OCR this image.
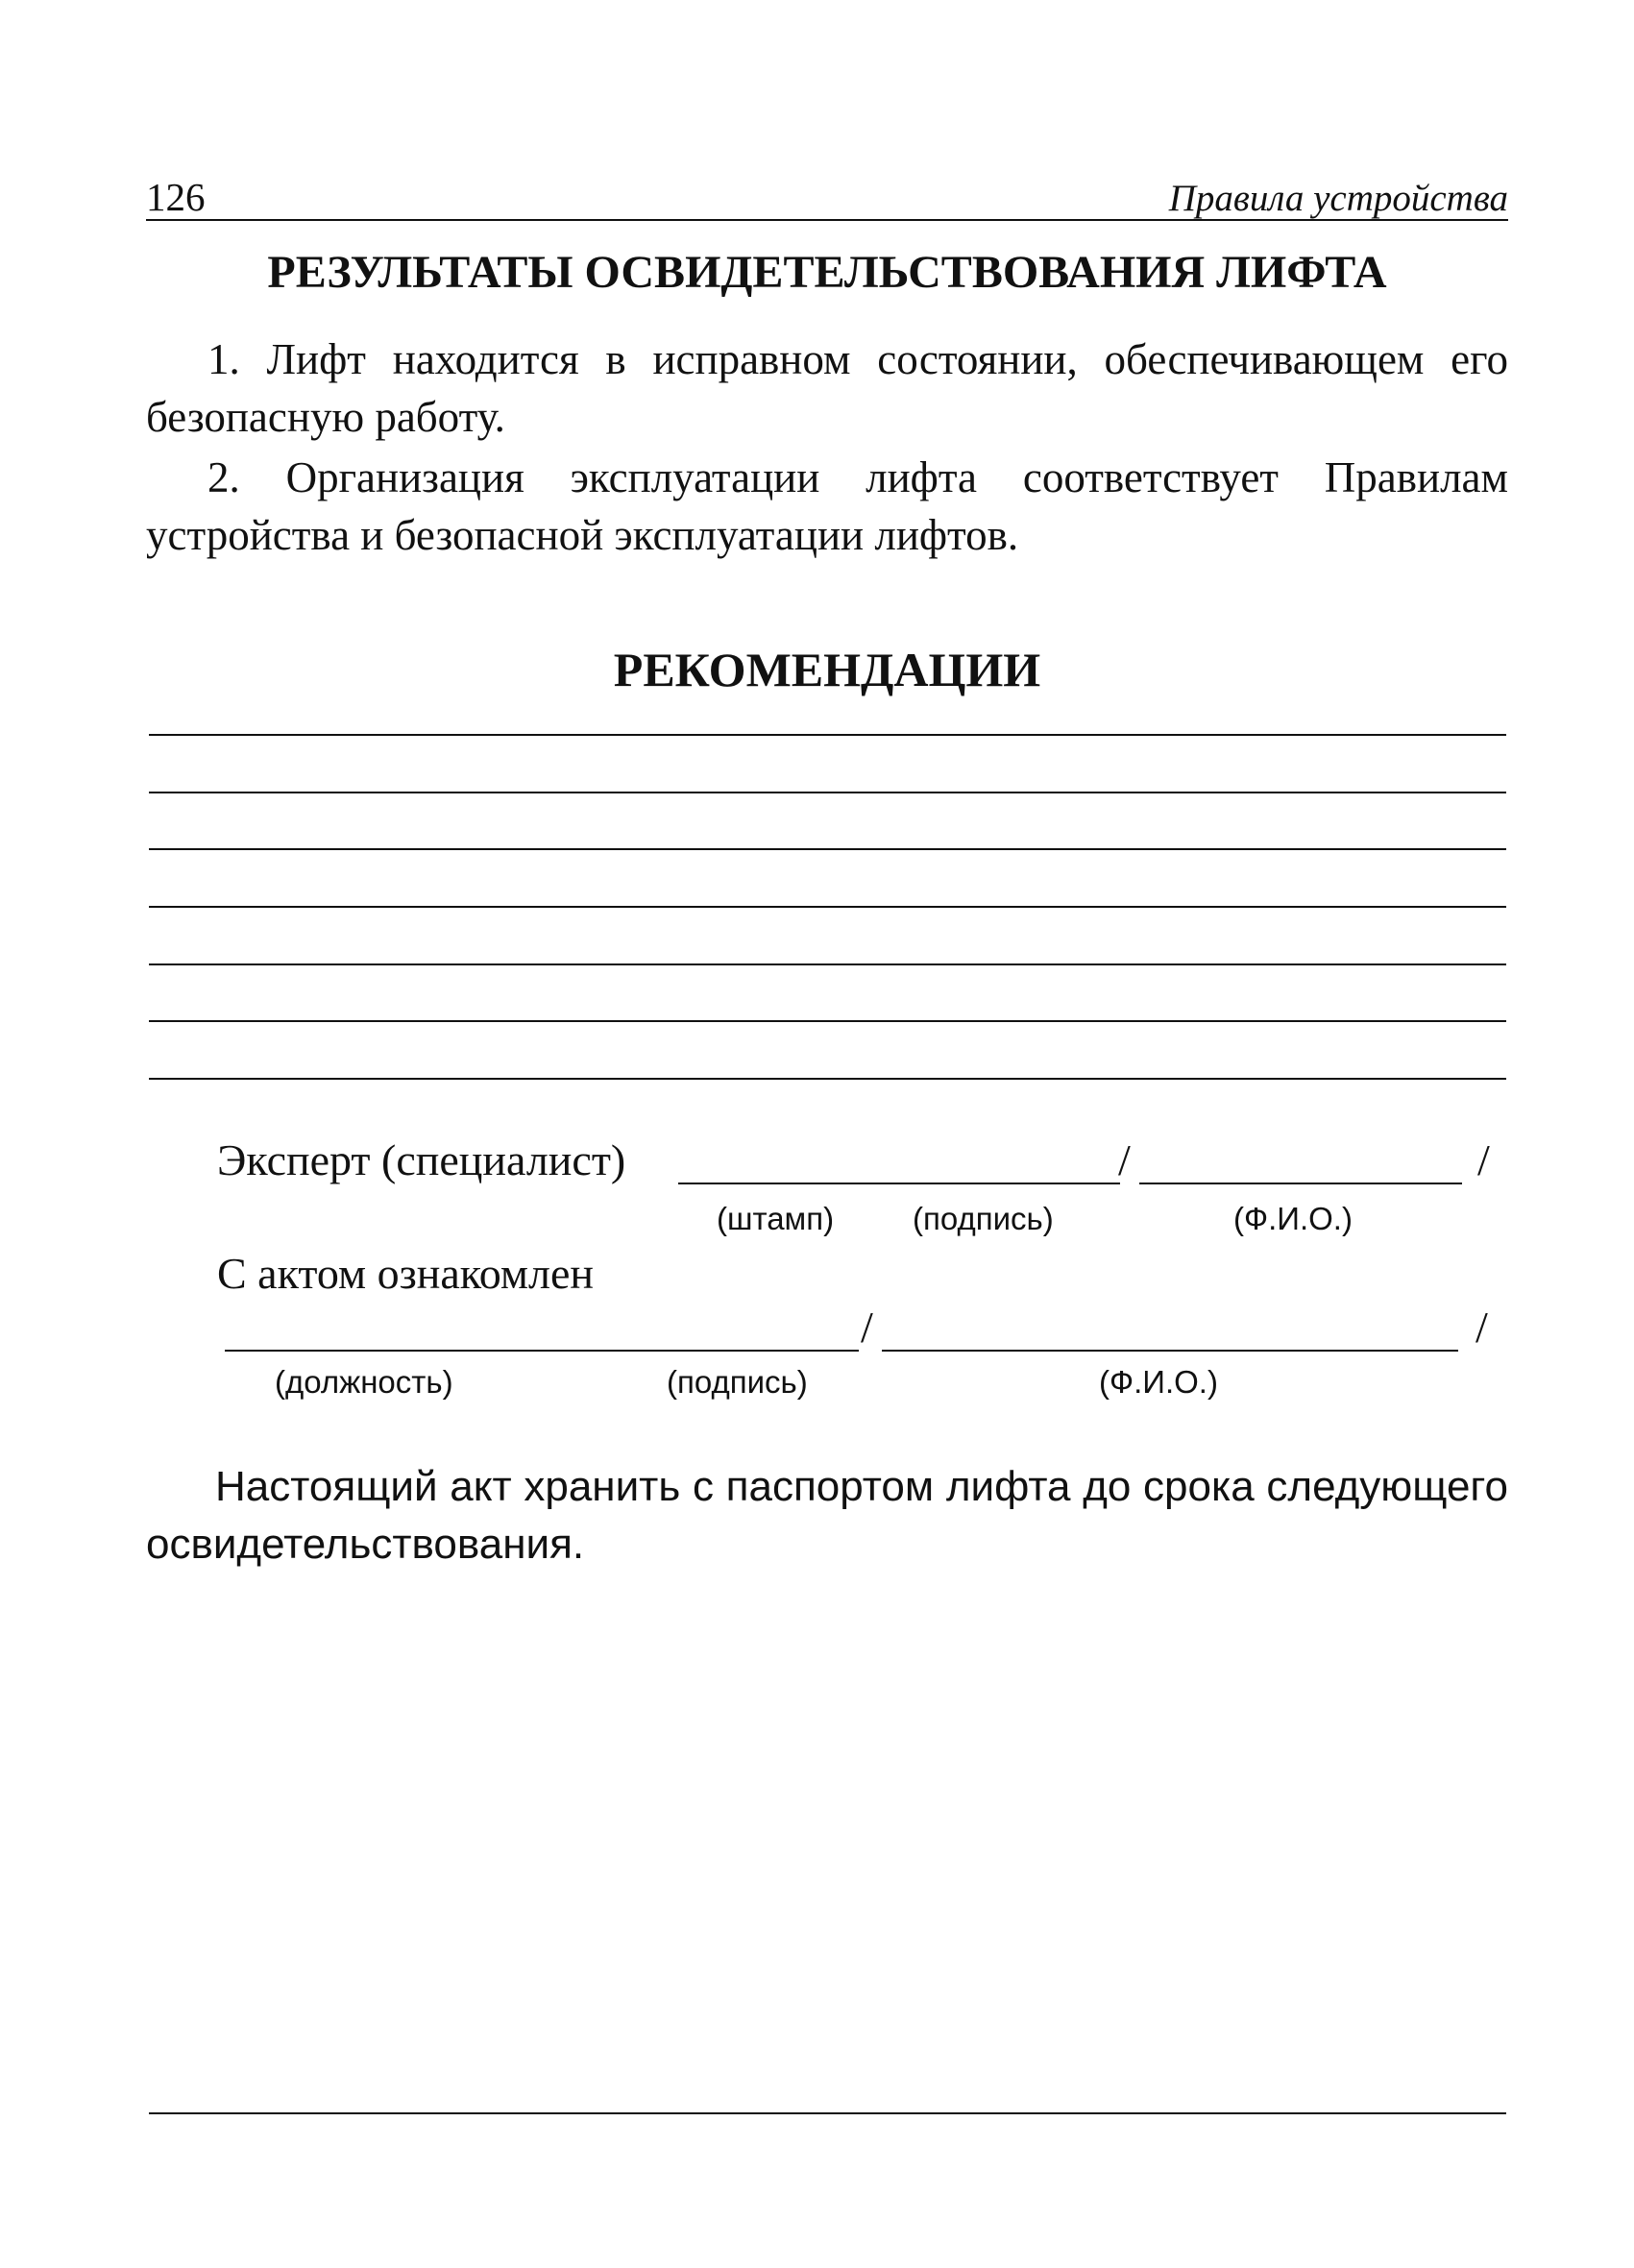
126	Правила устройства
РЕЗУЛЬТАТЫ ОСВИДЕТЕЛЬСТВОВАНИЯ ЛИФТА

1. Лифт находится в исправном состоянии, обеспечивающем его безопасную работу.

2. Организация эксплуатации лифта соответствует Правилам устройства и безопасной эксплуатации лифтов.

РЕКОМЕНДАЦИИ
Эксперт (специалист)	/	/
(штамп) (подпись)	(Ф.И.О.)
С актом ознакомлен
/	/
(должность)	(подпись)	(Ф.И.О.)

Настоящий акт хранить с паспортом лифта до срока следующего освидетельствования.
